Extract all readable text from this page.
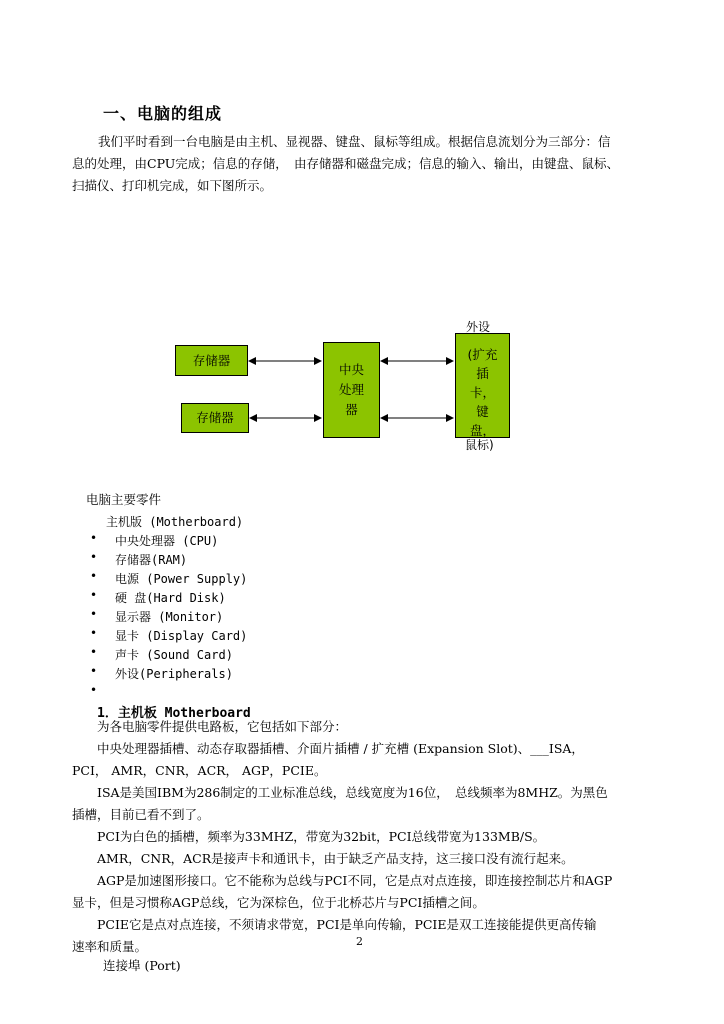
一、电脑的组成
我们平时看到一台电脑是由主机、显视器、键盘、鼠标等组成。根据信息流划分为三部分：信
息的处理，由CPU完成；信息的存储，　由存储器和磁盘完成；信息的输入、输出，由键盘、鼠标、
扫描仪、打印机完成，如下图所示。
存储器
存储器
中央
处理
器
(扩充
插
卡，
键
盘，
外设
鼠标)
电脑主要零件
主机版 (Motherboard)
• 中央处理器 (CPU)
• 存储器(RAM)
• 电源 (Power Supply)
• 硬 盘(Hard Disk)
• 显示器 (Monitor)
• 显卡 (Display Card)
• 声卡 (Sound Card)
• 外设(Peripherals)
•
1．主机板 Motherboard
为各电脑零件提供电路板，它包括如下部分：
中央处理器插槽、动态存取器插槽、介面片插槽 / 扩充槽 (Expansion Slot)、___ISA，
PCI， AMR，CNR，ACR， AGP，PCIE。
ISA是美国IBM为286制定的工业标准总线，总线宽度为16位，　总线频率为8MHZ。为黑色
插槽，目前已看不到了。
PCI为白色的插槽，频率为33MHZ，带宽为32bit，PCI总线带宽为133MB/S。
AMR，CNR，ACR是接声卡和通讯卡，由于缺乏产品支持，这三接口没有流行起来。
AGP是加速图形接口。它不能称为总线与PCI不同，它是点对点连接，即连接控制芯片和AGP
显卡，但是习惯称AGP总线，它为深棕色，位于北桥芯片与PCI插槽之间。
PCIE它是点对点连接，不须请求带宽，PCI是单向传输，PCIE是双工连接能提供更高传输
速率和质量。
连接埠 (Port)
2
